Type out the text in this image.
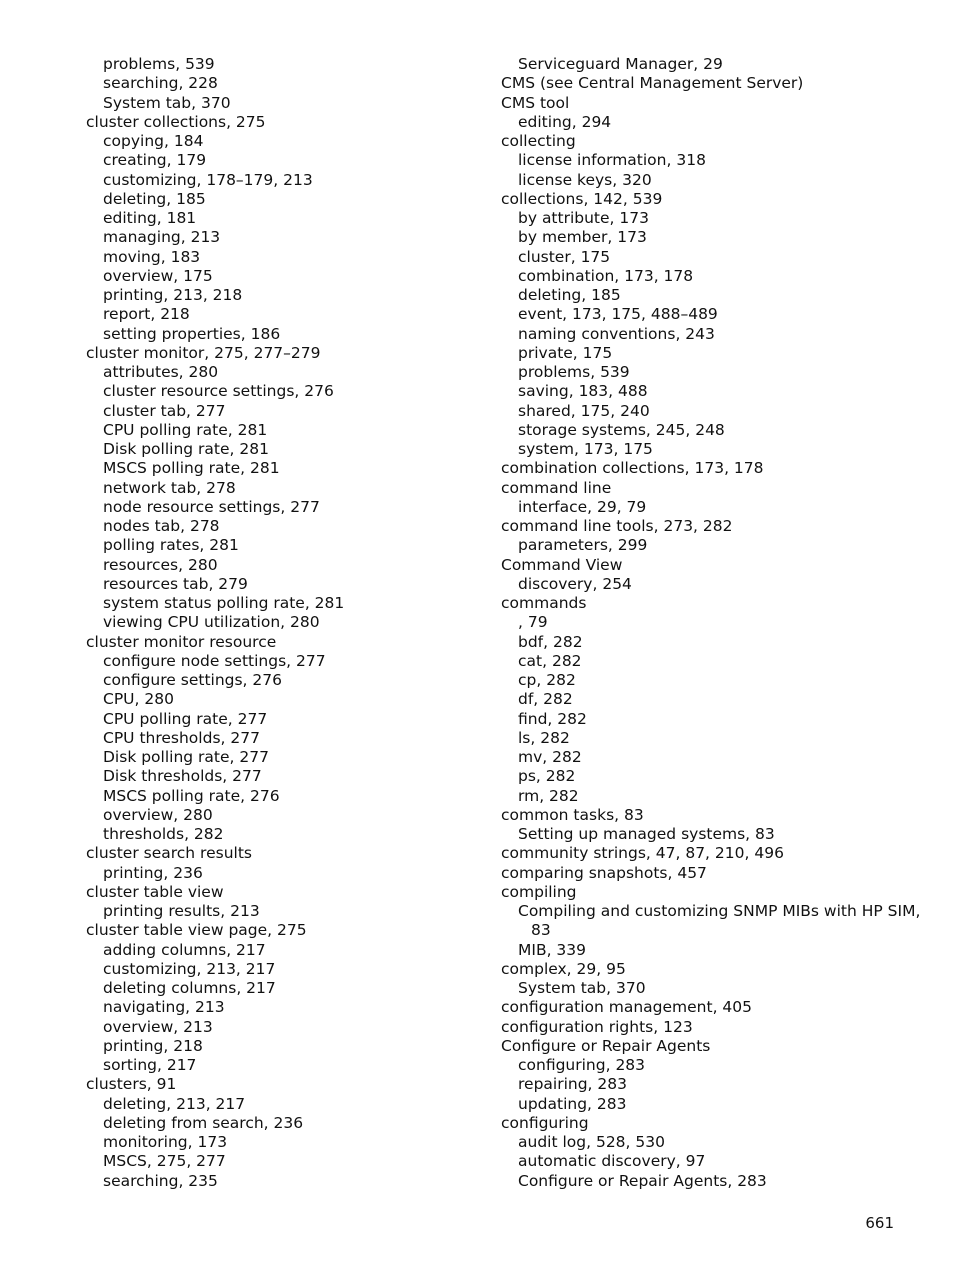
problems, 539
searching, 228
System tab, 370
cluster collections, 275
copying, 184
creating, 179
customizing, 178–179, 213
deleting, 185
editing, 181
managing, 213
moving, 183
overview, 175
printing, 213, 218
report, 218
setting properties, 186
cluster monitor, 275, 277–279
attributes, 280
cluster resource settings, 276
cluster tab, 277
CPU polling rate, 281
Disk polling rate, 281
MSCS polling rate, 281
network tab, 278
node resource settings, 277
nodes tab, 278
polling rates, 281
resources, 280
resources tab, 279
system status polling rate, 281
viewing CPU utilization, 280
cluster monitor resource
configure node settings, 277
configure settings, 276
CPU, 280
CPU polling rate, 277
CPU thresholds, 277
Disk polling rate, 277
Disk thresholds, 277
MSCS polling rate, 276
overview, 280
thresholds, 282
cluster search results
printing, 236
cluster table view
printing results, 213
cluster table view page, 275
adding columns, 217
customizing, 213, 217
deleting columns, 217
navigating, 213
overview, 213
printing, 218
sorting, 217
clusters, 91
deleting, 213, 217
deleting from search, 236
monitoring, 173
MSCS, 275, 277
searching, 235
Serviceguard Manager, 29
CMS (see Central Management Server)
CMS tool
editing, 294
collecting
license information, 318
license keys, 320
collections, 142, 539
by attribute, 173
by member, 173
cluster, 175
combination, 173, 178
deleting, 185
event, 173, 175, 488–489
naming conventions, 243
private, 175
problems, 539
saving, 183, 488
shared, 175, 240
storage systems, 245, 248
system, 173, 175
combination collections, 173, 178
command line
interface, 29, 79
command line tools, 273, 282
parameters, 299
Command View
discovery, 254
commands
, 79
bdf, 282
cat, 282
cp, 282
df, 282
find, 282
ls, 282
mv, 282
ps, 282
rm, 282
common tasks, 83
Setting up managed systems, 83
community strings, 47, 87, 210, 496
comparing snapshots, 457
compiling
Compiling and customizing SNMP MIBs with HP SIM,
83
MIB, 339
complex, 29, 95
System tab, 370
configuration management, 405
configuration rights, 123
Configure or Repair Agents
configuring, 283
repairing, 283
updating, 283
configuring
audit log, 528, 530
automatic discovery, 97
Configure or Repair Agents, 283
661
